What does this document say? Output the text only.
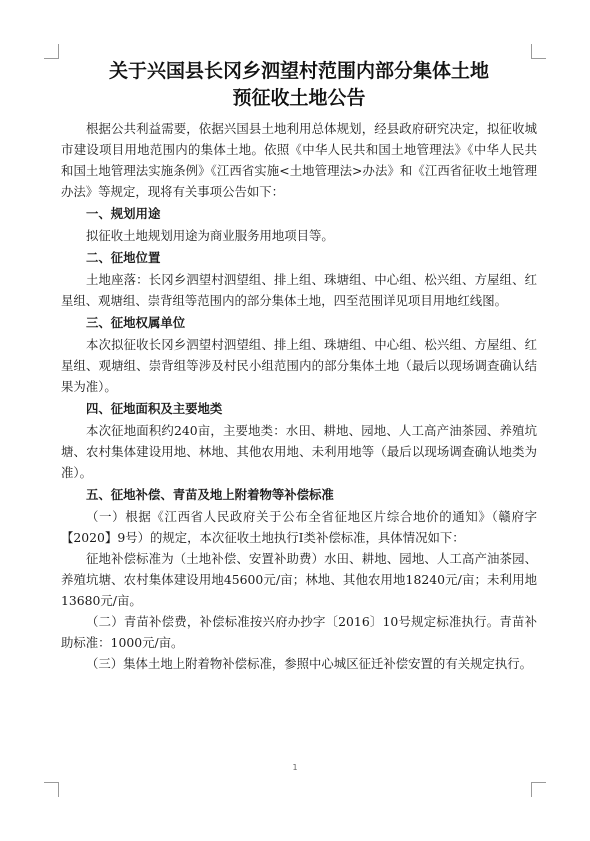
关于兴国县长冈乡泗望村范围内部分集体土地
预征收土地公告

根据公共利益需要，依据兴国县土地利用总体规划，经县政府研究决定，拟征收城市建设项目用地范围内的集体土地。依照《中华人民共和国土地管理法》《中华人民共和国土地管理法实施条例》《江西省实施<土地管理法>办法》和《江西省征收土地管理办法》等规定，现将有关事项公告如下：

一、规划用途

拟征收土地规划用途为商业服务用地项目等。

二、征地位置

土地座落：长冈乡泗望村泗望组、排上组、珠塘组、中心组、松兴组、方屋组、红星组、观塘组、崇背组等范围内的部分集体土地，四至范围详见项目用地红线图。

三、征地权属单位

本次拟征收长冈乡泗望村泗望组、排上组、珠塘组、中心组、松兴组、方屋组、红星组、观塘组、崇背组等涉及村民小组范围内的部分集体土地（最后以现场调查确认结果为准）。

四、征地面积及主要地类

本次征地面积约240亩，主要地类：水田、耕地、园地、人工高产油茶园、养殖坑塘、农村集体建设用地、林地、其他农用地、未利用地等（最后以现场调查确认地类为准）。

五、征地补偿、青苗及地上附着物等补偿标准

（一）根据《江西省人民政府关于公布全省征地区片综合地价的通知》（赣府字【2020】9号）的规定，本次征收土地执行Ⅰ类补偿标准，具体情况如下：

征地补偿标准为（土地补偿、安置补助费）水田、耕地、园地、人工高产油茶园、养殖坑塘、农村集体建设用地45600元/亩；林地、其他农用地18240元/亩；未利用地13680元/亩。

（二）青苗补偿费，补偿标准按兴府办抄字〔2016〕10号规定标准执行。青苗补助标准：1000元/亩。

（三）集体土地上附着物补偿标准，参照中心城区征迁补偿安置的有关规定执行。

1
